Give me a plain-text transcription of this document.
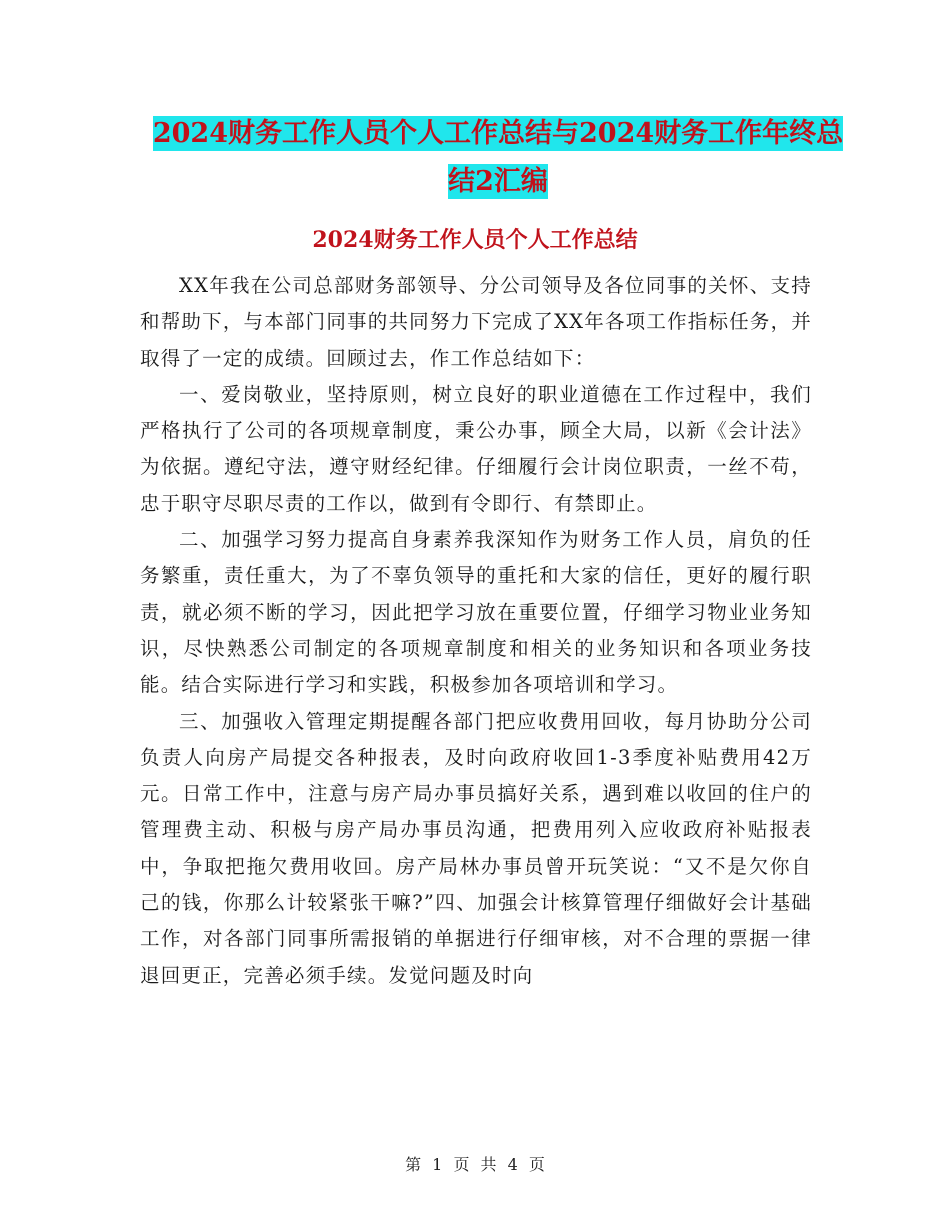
2024财务工作人员个人工作总结与2024财务工作年终总结2汇编
2024财务工作人员个人工作总结

XX年我在公司总部财务部领导、分公司领导及各位同事的关怀、支持和帮助下，与本部门同事的共同努力下完成了XX年各项工作指标任务，并取得了一定的成绩。回顾过去，作工作总结如下：

一、爱岗敬业，坚持原则，树立良好的职业道德在工作过程中，我们严格执行了公司的各项规章制度，秉公办事，顾全大局，以新《会计法》为依据。遵纪守法，遵守财经纪律。仔细履行会计岗位职责，一丝不苟，忠于职守尽职尽责的工作以，做到有令即行、有禁即止。

二、加强学习努力提高自身素养我深知作为财务工作人员，肩负的任务繁重，责任重大，为了不辜负领导的重托和大家的信任，更好的履行职责，就必须不断的学习，因此把学习放在重要位置，仔细学习物业业务知识，尽快熟悉公司制定的各项规章制度和相关的业务知识和各项业务技能。结合实际进行学习和实践，积极参加各项培训和学习。

三、加强收入管理定期提醒各部门把应收费用回收，每月协助分公司负责人向房产局提交各种报表，及时向政府收回1-3季度补贴费用42万元。日常工作中，注意与房产局办事员搞好关系，遇到难以收回的住户的管理费主动、积极与房产局办事员沟通，把费用列入应收政府补贴报表中，争取把拖欠费用收回。房产局林办事员曾开玩笑说：“又不是欠你自己的钱，你那么计较紧张干嘛?”四、加强会计核算管理仔细做好会计基础工作，对各部门同事所需报销的单据进行仔细审核，对不合理的票据一律退回更正，完善必须手续。发觉问题及时向

第 1 页 共 4 页
